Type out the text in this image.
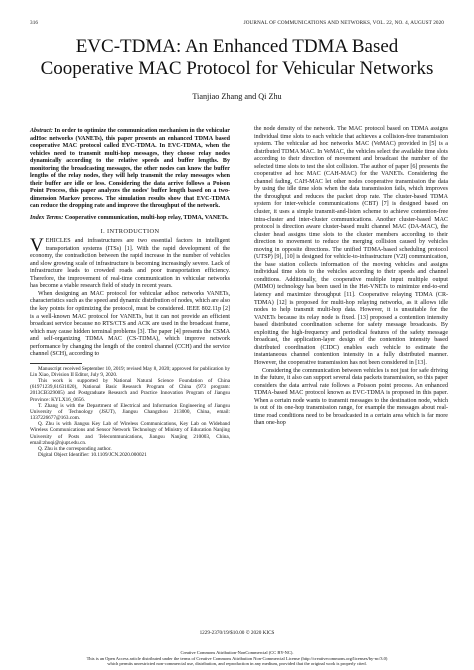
316	JOURNAL OF COMMUNICATIONS AND NETWORKS, VOL. 22, NO. 4, AUGUST 2020
EVC-TDMA: An Enhanced TDMA Based
Cooperative MAC Protocol for Vehicular Networks
Tianjiao Zhang and Qi Zhu

Abstract: In order to optimize the communication mechanism in the vehicular adHoc networks (VANETs), this paper presents an enhanced TDMA based cooperative MAC protocol called EVC-TDMA. In EVC-TDMA, when the vehicles need to transmit multi-hop messages, they choose relay nodes dynamically according to the relative speeds and buffer lengths. By monitoring the broadcasting messages, the other nodes can know the buffer lengths of the relay nodes, they will help transmit the relay messages when their buffer are idle or less. Considering the data arrive follows a Poison Point Process, this paper analyzes the nodes' buffer length based on a two-dimension Markov process. The simulation results show that EVC-TDMA can reduce the dropping rate and improve the throughput of the network.

Index Terms: Cooperative communication, multi-hop relay, TDMA, VANETs.

I. INTRODUCTION

VEHICLES and infrastructures are two essential factors in intelligent transportation systems (ITSs) [1]. With the rapid development of the economy, the contradiction between the rapid increase in the number of vehicles and slow growing scale of infrastructure is becoming increasingly severe. Lack of infrastructure leads to crowded roads and poor transportation efficiency. Therefore, the improvement of real-time communication in vehicular networks has become a viable research field of study in recent years.

When designing an MAC protocol for vehicular adhoc networks VANETs, characteristics such as the speed and dynamic distribution of nodes, which are also the key points for optimizing the protocol, must be considered. IEEE 802.11p [2] is a well-known MAC protocol for VANETs, but it can not provide an efficient broadcast service because no RTS/CTS and ACK are used in the broadcast frame, which may cause hidden terminal problems [3]. The paper [4] presents the CSMA and self-organizing TDMA MAC (CS-TDMA), which improve network performance by changing the length of the control channel (CCH) and the service channel (SCH), according to

Manuscript received September 10, 2019; revised May 8, 2020; approved for publication by Lin Xiao, Division II Editor, July 9, 2020.

This work is supported by National Natural Science Foundation of China (61971239,61631020), National Basic Research Program of China (973 program: 2013CB329005) and Postgraduate Research and Practice Innovation Program of Jiangsu Province: KYLX16_0656.

T. Zhang is with the Department of Electrical and Information Engineering of Jiangsu University of Technology (JSUT), Jiangsu Changzhou 213000, China, email: 1337226677@163.com.

Q. Zhu is with Jiangsu Key Lab of Wireless Communications, Key Lab on Wideband Wireless Communications and Sensor Network Technology of Ministry of Education Nanjing University of Posts and Telecommunications, Jiangsu Nanjing 210003, China, email:zhuqi@njupt.edu.cn.

Q. Zhu is the corresponding author.

Digital Object Identifier: 10.1109/JCN.2020.000021

the node density of the network. The MAC protocol based on TDMA assigns individual time slots to each vehicle that achieves a collision-free transmission system. The vehicular ad hoc networks MAC (VeMAC) provided in [5] is a distributed TDMA MAC. In VeMAC, the vehicles select the available time slots according to their direction of movement and broadcast the number of the selected time slots to test the slot collision. The author of paper [6] presents the cooperative ad hoc MAC (CAH-MAC) for the VANETs. Considering the channel fading, CAH-MAC let other nodes cooperative transmission the data by using the idle time slots when the data transmission fails, which improves the throughput and reduces the packet drop rate. The cluster-based TDMA system for inter-vehicle communications (CBT) [7] is designed based on cluster, it uses a simple transmit-and-listen scheme to achieve contention-free intra-cluster and inter-cluster communications. Another cluster-based MAC protocol is direction aware cluster-based multi channel MAC (DA-MAC), the cluster head assigns time slots to the cluster members according to their direction to movement to reduce the merging collision caused by vehicles moving in opposite directions. The unified TDMA-based scheduling protocol (UTSP) [9], [10] is designed for vehicle-to-infrastructure (V2I) communication, the base station collects information of the moving vehicles and assigns individual time slots to the vehicles according to their speeds and channel conditions. Additionally, the cooperative multiple input multiple output (MIMO) technology has been used in the Het-VNETs to minimize end-to-end latency and maximize throughput [11]. Cooperative relaying TDMA (CR-TDMA) [12] is proposed for multi-hop relaying networks, as it allows idle nodes to help transmit multi-hop data. However, it is unsuitable for the VANETs because its relay node is fixed. [13] proposed a contention intensity based distributed coordination scheme for safety message broadcasts. By exploiting the high-frequency and periodical features of the safety message broadcast, the application-layer design of the contention intensity based distributed coordination (CIDC) enables each vehicle to estimate the instantaneous channel contention intensity in a fully distributed manner. However, the cooperative transmission has not been considered in [13].

Considering the communication between vehicles is not just for safe driving in the future, it also can support several data packets transmission, so this paper considers the data arrival rate follows a Poisson point process. An enhanced TDMA-based MAC protocol known as EVC-TDMA is proposed in this paper. When a certain node wants to transmit messages to the destination node, which is out of its one-hop transmission range, for example the messages about real-time road conditions need to be broadcasted in a certain area which is far more than one-hop

1229-2370/19/$10.00 © 2020 KICS

Creative Commons Attribution-NonCommercial (CC BY-NC).

This is an Open Access article distributed under the terms of Creative Commons Attribution Non-Commercial License (http://creativecommons.org/licenses/by-nc/3.0)

which permits unrestricted non-commercial use, distribution, and reproduction in any medium, provided that the original work is properly cited.
